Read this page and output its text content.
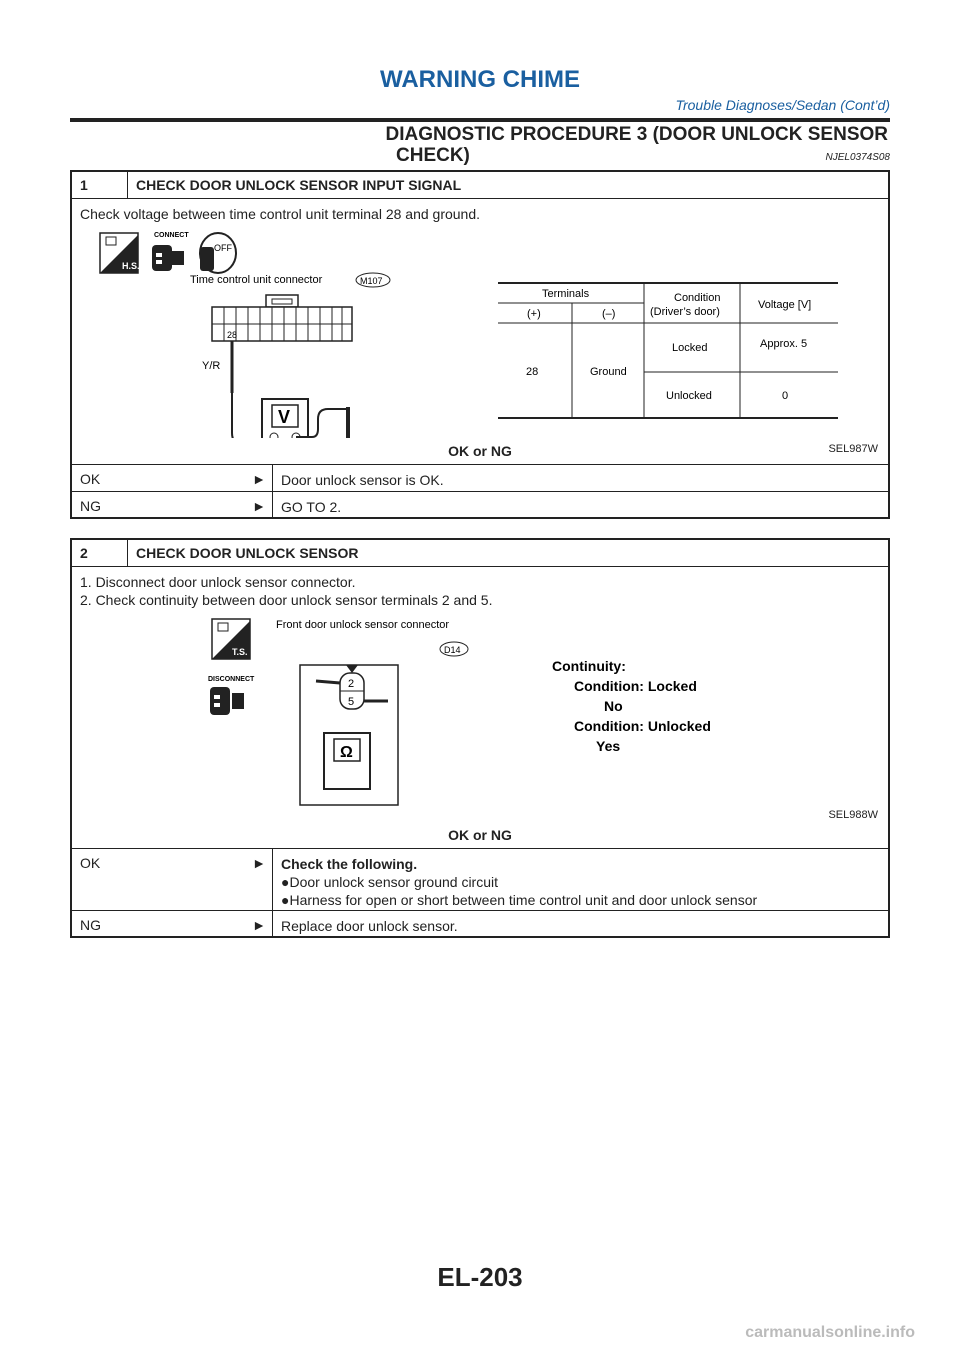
WARNING CHIME
Trouble Diagnoses/Sedan (Cont’d)
DIAGNOSTIC PROCEDURE 3 (DOOR UNLOCK SENSOR
CHECK)	NJEL0374S08
1	CHECK DOOR UNLOCK SENSOR INPUT SIGNAL
Check voltage between time control unit terminal 28 and ground.
H.S.
CONNECT
OFF
Time control unit connector	M107
28
Y/R
V
Terminals
(+)	(–)
Condition
(Driver’s door)
Voltage [V]
28	Ground
Locked	Approx. 5
Unlocked	0
SEL987W
OK or NG
OK	►	Door unlock sensor is OK.
NG	►	GO TO 2.
2	CHECK DOOR UNLOCK SENSOR
1. Disconnect door unlock sensor connector.
2. Check continuity between door unlock sensor terminals 2 and 5.
T.S.
DISCONNECT
Front door unlock sensor connector
D14
2
5
Ω
Continuity:
Condition: Locked
No
Condition: Unlocked
Yes
SEL988W
OK or NG
OK	► Check the following.
●Door unlock sensor ground circuit
●Harness for open or short between time control unit and door unlock sensor
NG	►	Replace door unlock sensor.
EL-203
carmanualsonline.info
